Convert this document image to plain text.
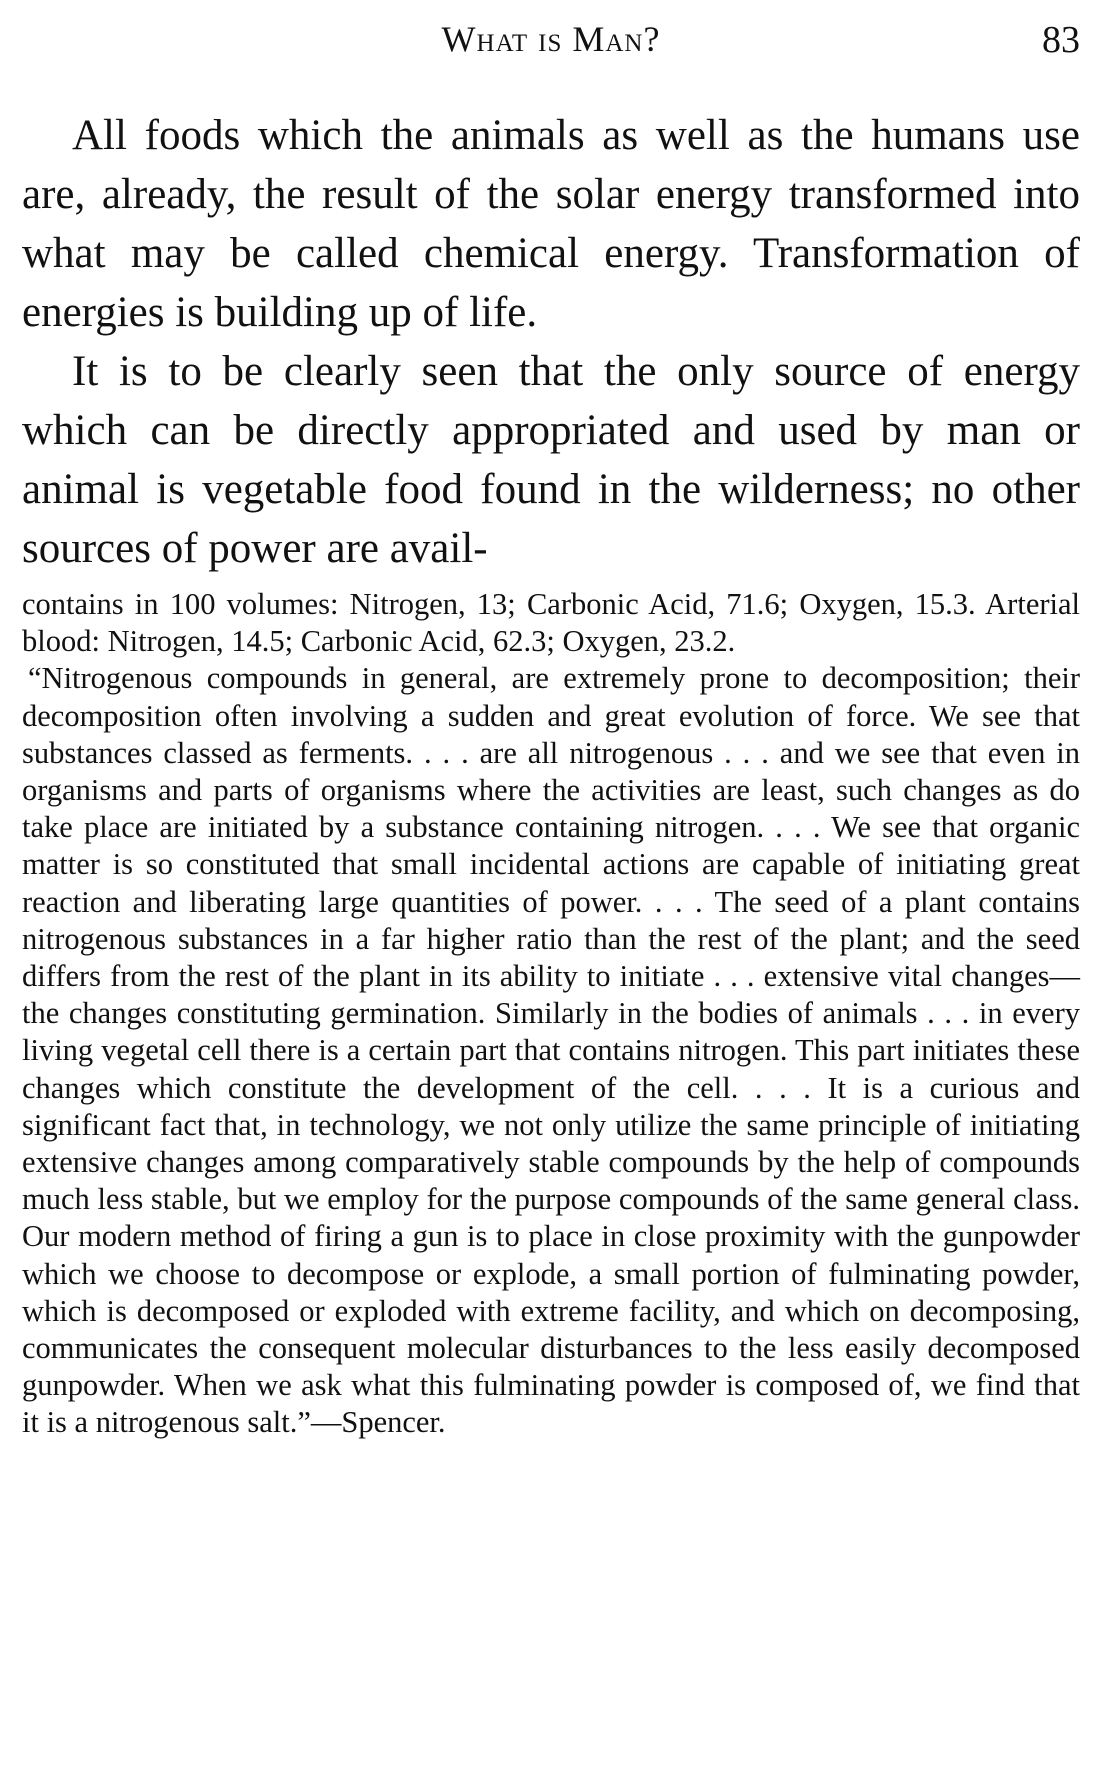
What is Man?	83

All foods which the animals as well as the humans use are, already, the result of the solar energy transformed into what may be called chemical energy. Transformation of energies is building up of life.

It is to be clearly seen that the only source of energy which can be directly appropriated and used by man or animal is vegetable food found in the wilderness; no other sources of power are avail-

contains in 100 volumes: Nitrogen, 13; Carbonic Acid, 71.6; Oxygen, 15.3. Arterial blood: Nitrogen, 14.5; Carbonic Acid, 62.3; Oxygen, 23.2.

“Nitrogenous compounds in general, are extremely prone to decomposition; their decomposition often involving a sudden and great evolution of force. We see that substances classed as ferments. . . . are all nitrogenous . . . and we see that even in organisms and parts of organisms where the activities are least, such changes as do take place are initiated by a substance containing nitrogen. . . . We see that organic matter is so constituted that small incidental actions are capable of initiating great reaction and liberating large quantities of power. . . . The seed of a plant contains nitrogenous substances in a far higher ratio than the rest of the plant; and the seed differs from the rest of the plant in its ability to initiate . . . extensive vital changes—the changes constituting germination. Similarly in the bodies of animals . . . in every living vegetal cell there is a certain part that contains nitrogen. This part initiates these changes which constitute the development of the cell. . . . It is a curious and significant fact that, in technology, we not only utilize the same principle of initiating extensive changes among comparatively stable compounds by the help of compounds much less stable, but we employ for the purpose compounds of the same general class. Our modern method of firing a gun is to place in close proximity with the gunpowder which we choose to decompose or explode, a small portion of fulminating powder, which is decomposed or exploded with extreme facility, and which on decomposing, communicates the consequent molecular disturbances to the less easily decomposed gunpowder. When we ask what this fulminating powder is composed of, we find that it is a nitrogenous salt.”—Spencer.
